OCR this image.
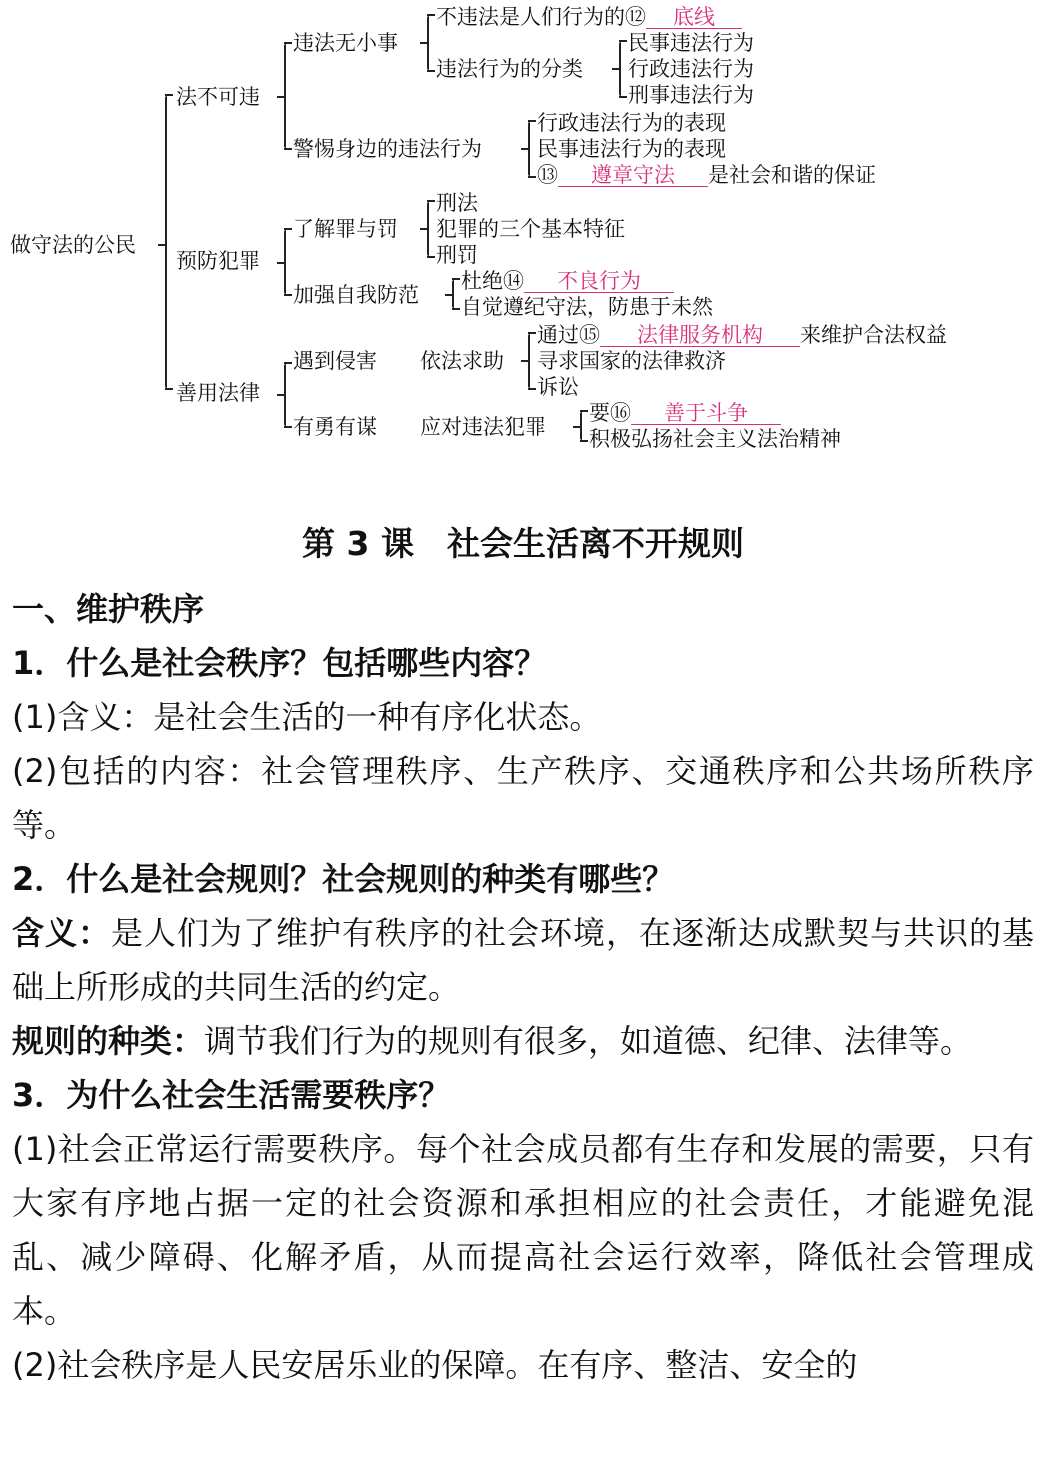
做守法的公民
法不可违
预防犯罪
善用法律
违法无小事
警惕身边的违法行为
不违法是人们行为的⑫ 底线
违法行为的分类
民事违法行为
行政违法行为
刑事违法行为
行政违法行为的表现
民事违法行为的表现
⑬ 遵章守法 是社会和谐的保证
了解罪与罚
加强自我防范
刑法
犯罪的三个基本特征
刑罚
杜绝⑭ 不良行为
自觉遵纪守法，防患于未然
遇到侵害 依法求助
有勇有谋 应对违法犯罪
通过⑮ 法律服务机构 来维护合法权益
寻求国家的法律救济
诉讼
要⑯ 善于斗争
积极弘扬社会主义法治精神
第 3 课　社会生活离不开规则
一、维护秩序
1．什么是社会秩序？包括哪些内容？
(1)含义：是社会生活的一种有序化状态。
(2)包括的内容：社会管理秩序、生产秩序、交通秩序和公共场所秩序等。
2．什么是社会规则？社会规则的种类有哪些？
含义：是人们为了维护有秩序的社会环境，在逐渐达成默契与共识的基础上所形成的共同生活的约定。
规则的种类：调节我们行为的规则有很多，如道德、纪律、法律等。
3．为什么社会生活需要秩序？
(1)社会正常运行需要秩序。每个社会成员都有生存和发展的需要，只有大家有序地占据一定的社会资源和承担相应的社会责任，才能避免混乱、减少障碍、化解矛盾，从而提高社会运行效率，降低社会管理成本。
(2)社会秩序是人民安居乐业的保障。在有序、整洁、安全的
